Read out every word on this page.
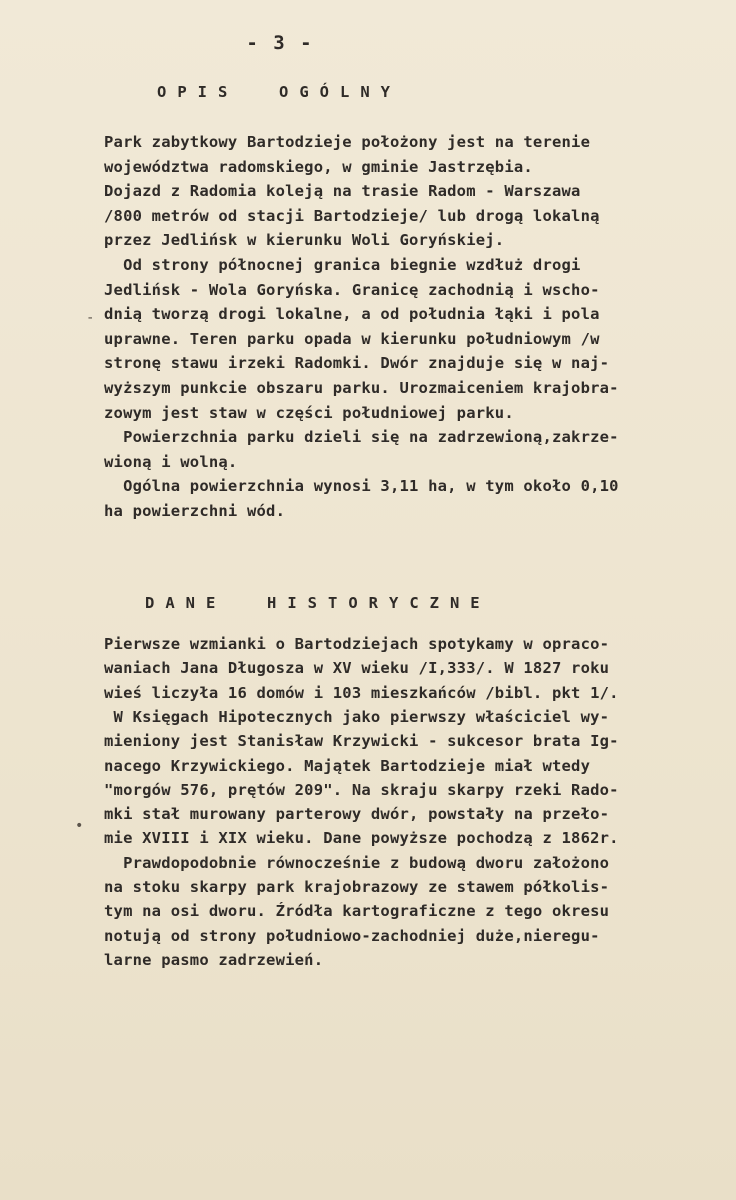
- 3 -
OPIS  OGÓLNY
Park zabytkowy Bartodzieje położony jest na terenie
województwa radomskiego, w gminie Jastrzębia.
Dojazd z Radomia koleją na trasie Radom - Warszawa
/800 metrów od stacji Bartodzieje/ lub drogą lokalną
przez Jedlińsk w kierunku Woli Goryńskiej.
Od strony północnej granica biegnie wzdłuż drogi
Jedlińsk - Wola Goryńska. Granicę zachodnią i wscho-
dnią tworzą drogi lokalne, a od południa łąki i pola
uprawne. Teren parku opada w kierunku południowym /w
stronę stawu irzeki Radomki. Dwór znajduje się w naj-
wyższym punkcie obszaru parku. Urozmaiceniem krajobra-
zowym jest staw w części południowej parku.
Powierzchnia parku dzieli się na zadrzewioną,zakrze-
wioną i wolną.
Ogólna powierzchnia wynosi 3,11 ha, w tym około 0,10
ha powierzchni wód.
DANE  HISTORYCZNE
Pierwsze wzmianki o Bartodziejach spotykamy w opraco-
waniach Jana Długosza w XV wieku /I,333/. W 1827 roku
wieś liczyła 16 domów i 103 mieszkańców /bibl. pkt 1/.
W Księgach Hipotecznych jako pierwszy właściciel wy-
mieniony jest Stanisław Krzywicki - sukcesor brata Ig-
nacego Krzywickiego. Majątek Bartodzieje miał wtedy
"morgów 576, prętów 209". Na skraju skarpy rzeki Rado-
mki stał murowany parterowy dwór, powstały na przeło-
mie XVIII i XIX wieku. Dane powyższe pochodzą z 1862r.
Prawdopodobnie równocześnie z budową dworu założono
na stoku skarpy park krajobrazowy ze stawem półkolis-
tym na osi dworu. Źródła kartograficzne z tego okresu
notują od strony południowo-zachodniej duże,nieregu-
larne pasmo zadrzewień.
-
•
